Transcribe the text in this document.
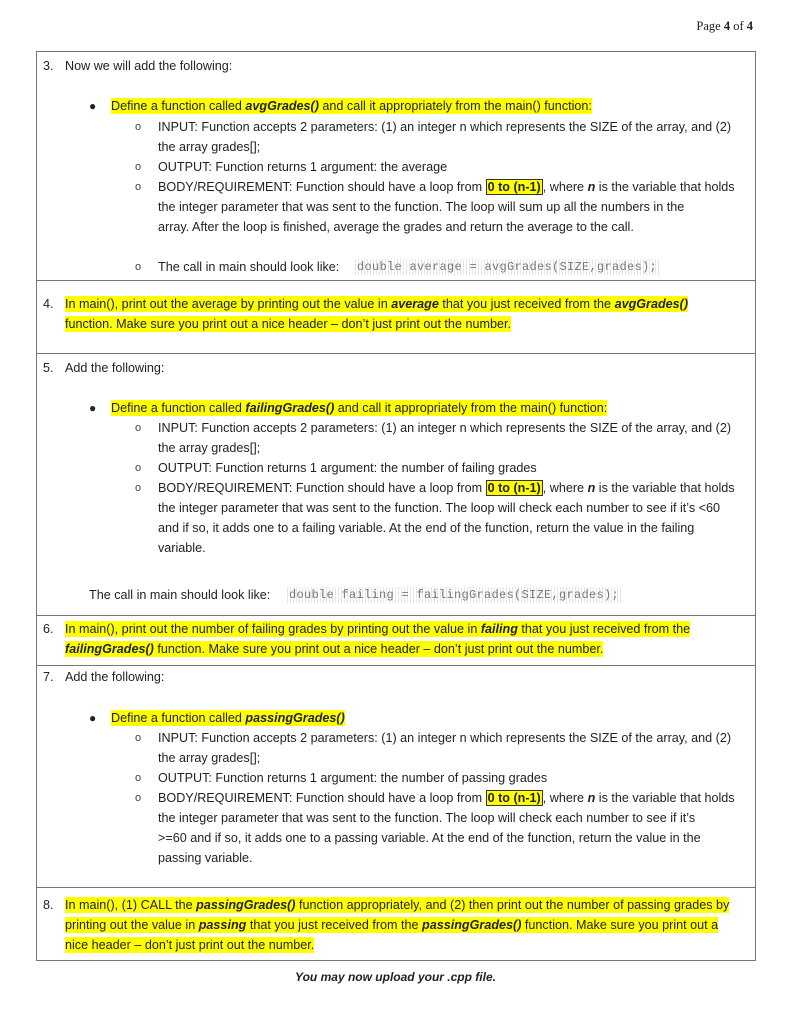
Page 4 of 4
3. Now we will add the following:
● Define a function called avgGrades() and call it appropriately from the main() function:
o INPUT: Function accepts 2 parameters: (1) an integer n which represents the SIZE of the array, and (2)
the array grades[];
o OUTPUT: Function returns 1 argument: the average
o BODY/REQUIREMENT: Function should have a loop from 0 to (n-1) , where n is the variable that holds
the integer parameter that was sent to the function. The loop will sum up all the numbers in the
array. After the loop is finished, average the grades and return the average to the call.
o The call in main should look like: double average = avgGrades(SIZE,grades);
4. In main(), print out the average by printing out the value in average that you just received from the avgGrades()
function. Make sure you print out a nice header – don’t just print out the number.
5. Add the following:
● Define a function called failingGrades() and call it appropriately from the main() function:
o INPUT: Function accepts 2 parameters: (1) an integer n which represents the SIZE of the array, and (2)
the array grades[];
o OUTPUT: Function returns 1 argument: the number of failing grades
o BODY/REQUIREMENT: Function should have a loop from 0 to (n-1) , where n is the variable that holds
the integer parameter that was sent to the function. The loop will check each number to see if it’s <60
and if so, it adds one to a failing variable. At the end of the function, return the value in the failing
variable.
The call in main should look like: double failing = failingGrades(SIZE,grades);
6. In main(), print out the number of failing grades by printing out the value in failing that you just received from the
failingGrades() function. Make sure you print out a nice header – don’t just print out the number.
7. Add the following:
● Define a function called passingGrades()
o INPUT: Function accepts 2 parameters: (1) an integer n which represents the SIZE of the array, and (2)
the array grades[];
o OUTPUT: Function returns 1 argument: the number of passing grades
o BODY/REQUIREMENT: Function should have a loop from 0 to (n-1) , where n is the variable that holds
the integer parameter that was sent to the function. The loop will check each number to see if it’s
>=60 and if so, it adds one to a passing variable. At the end of the function, return the value in the
passing variable.
8. In main(), (1) CALL the passingGrades() function appropriately, and (2) then print out the number of passing grades by
printing out the value in passing that you just received from the passingGrades() function. Make sure you print out a
nice header – don’t just print out the number.
You may now upload your .cpp file.
